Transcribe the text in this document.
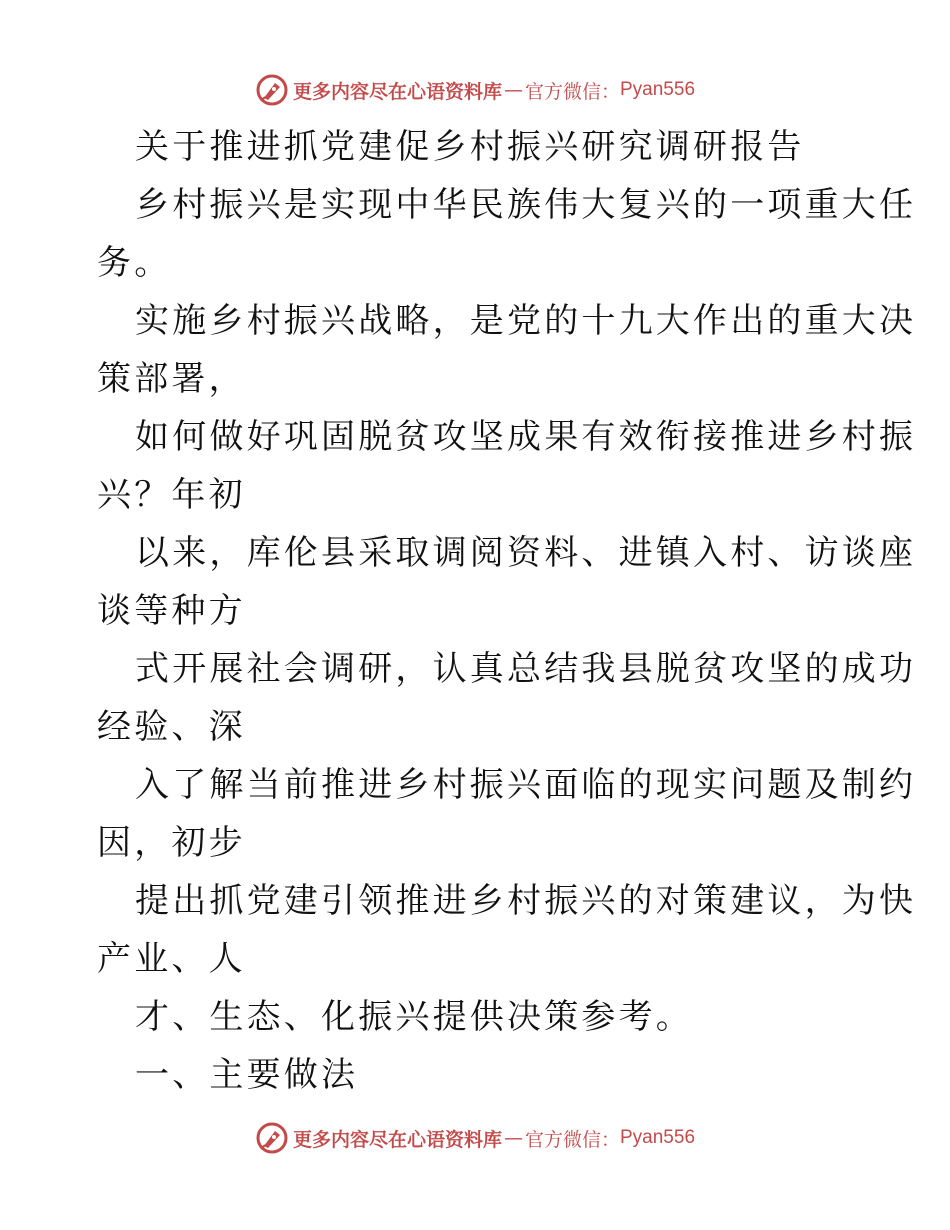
更多内容尽在心语资料库 — 官方微信： Pyan556
关于推进抓党建促乡村振兴研究调研报告
乡村振兴是实现中华民族伟大复兴的一项重大任
务。
实施乡村振兴战略，是党的十九大作出的重大决
策部署，
如何做好巩固脱贫攻坚成果有效衔接推进乡村振
兴？年初
以来，库伦县采取调阅资料、进镇入村、访谈座
谈等种方
式开展社会调研，认真总结我县脱贫攻坚的成功
经验、深
入了解当前推进乡村振兴面临的现实问题及制约
因，初步
提出抓党建引领推进乡村振兴的对策建议，为快
产业、人
才、生态、化振兴提供决策参考。
一、主要做法
更多内容尽在心语资料库 — 官方微信： Pyan556
